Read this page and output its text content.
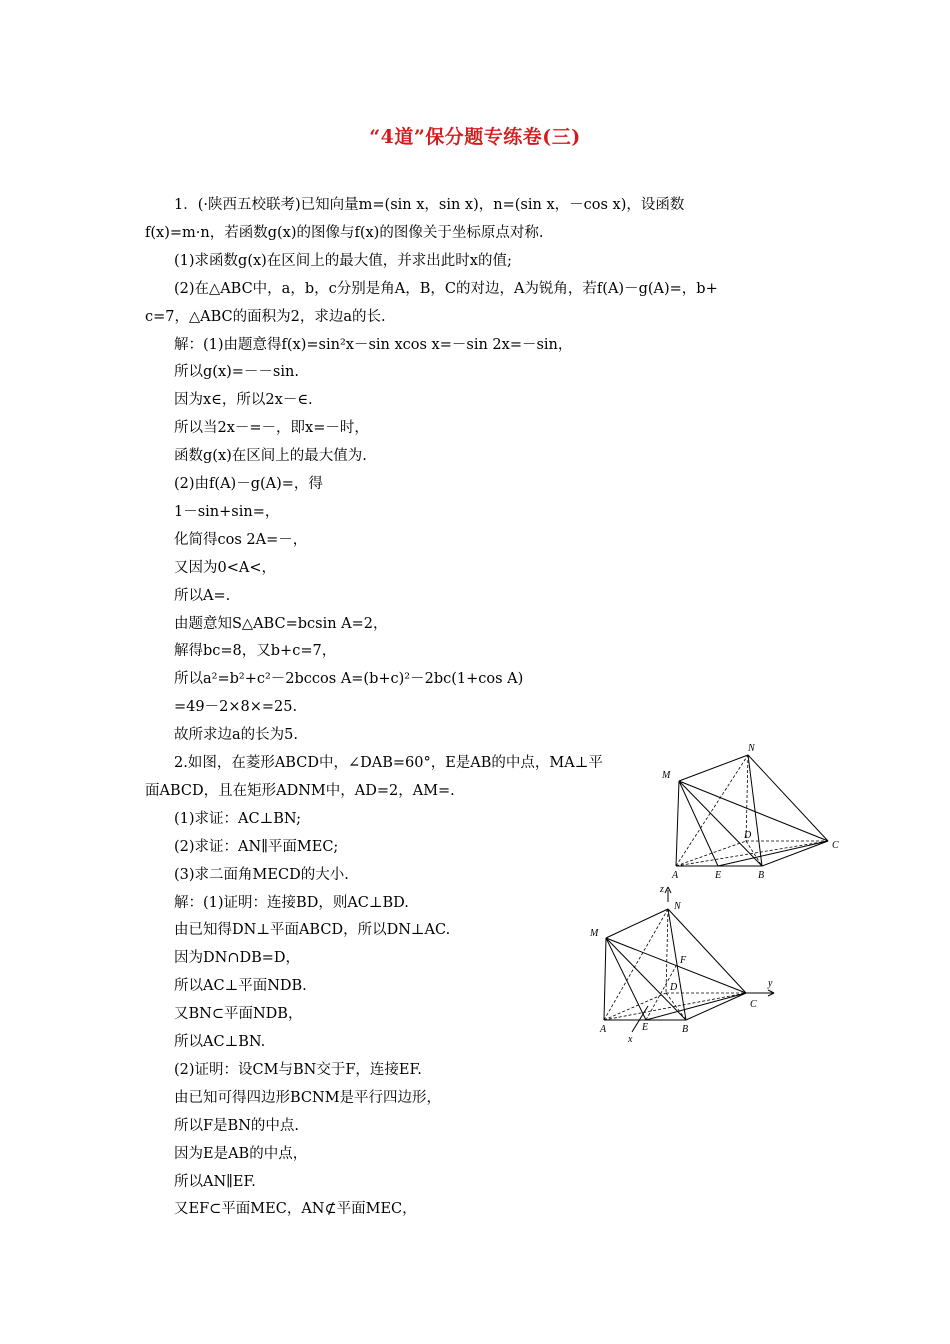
“4道”保分题专练卷(三)
1．(·陕西五校联考)已知向量m=(sin x，sin x)，n=(sin x，－cos x)，设函数
f(x)=m·n，若函数g(x)的图像与f(x)的图像关于坐标原点对称.
(1)求函数g(x)在区间上的最大值，并求出此时x的值;
(2)在△ABC中，a，b，c分别是角A，B，C的对边，A为锐角，若f(A)－g(A)=，b+
c=7，△ABC的面积为2，求边a的长.
解：(1)由题意得f(x)=sin²x－sin xcos x=－sin 2x=－sin，
所以g(x)=－－sin.
因为x∈，所以2x－∈.
所以当2x－=－，即x=－时，
函数g(x)在区间上的最大值为.
(2)由f(A)－g(A)=，得
1－sin+sin=，
化简得cos 2A=－，
又因为0<A<，
所以A=.
由题意知S△ABC=bcsin A=2，
解得bc=8，又b+c=7，
所以a²=b²+c²－2bccos A=(b+c)²－2bc(1+cos A)
=49－2×8×=25.
故所求边a的长为5.
2.如图，在菱形ABCD中，∠DAB=60°，E是AB的中点，MA⊥平
面ABCD，且在矩形ADNM中，AD=2，AM=.
(1)求证：AC⊥BN;
(2)求证：AN∥平面MEC;
(3)求二面角MECD的大小.
解：(1)证明：连接BD，则AC⊥BD.
由已知得DN⊥平面ABCD，所以DN⊥AC.
因为DN∩DB=D，
所以AC⊥平面NDB.
又BN⊂平面NDB，
所以AC⊥BN.
(2)证明：设CM与BN交于F，连接EF.
由已知可得四边形BCNM是平行四边形，
所以F是BN的中点.
因为E是AB的中点，
所以AN∥EF.
又EF⊂平面MEC，AN⊄平面MEC，
N
M
D
C
A	E	B
z
N
M
F
D	y
C
A	E	B
x
